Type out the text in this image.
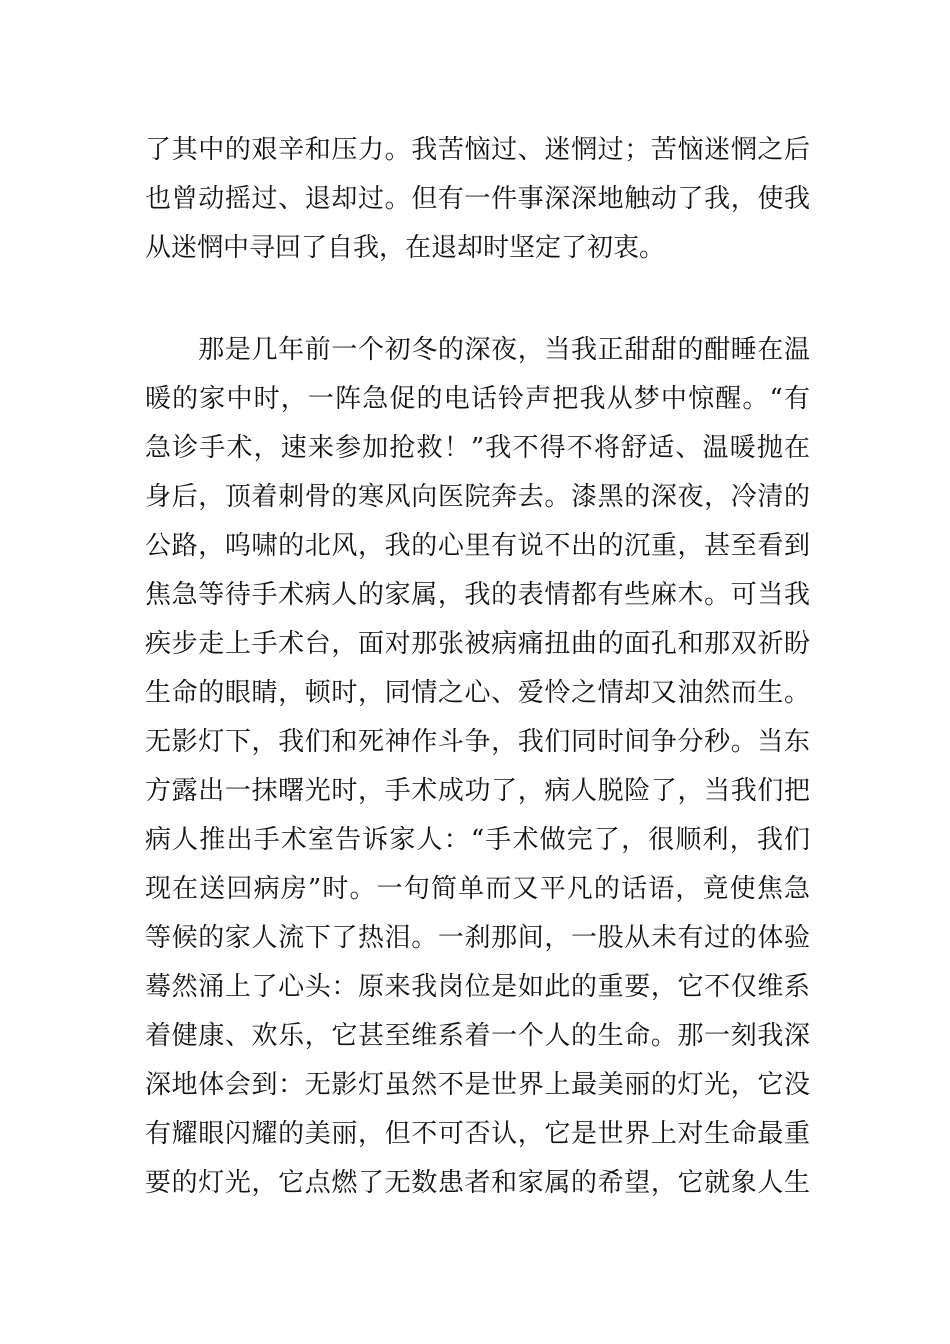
了其中的艰辛和压力。我苦恼过、迷惘过；苦恼迷惘之后
也曾动摇过、退却过。但有一件事深深地触动了我，使我
从迷惘中寻回了自我，在退却时坚定了初衷。
　　那是几年前一个初冬的深夜，当我正甜甜的酣睡在温
暖的家中时，一阵急促的电话铃声把我从梦中惊醒。“有
急诊手术，速来参加抢救！”我不得不将舒适、温暖抛在
身后，顶着刺骨的寒风向医院奔去。漆黑的深夜，冷清的
公路，呜啸的北风，我的心里有说不出的沉重，甚至看到
焦急等待手术病人的家属，我的表情都有些麻木。可当我
疾步走上手术台，面对那张被病痛扭曲的面孔和那双祈盼
生命的眼睛，顿时，同情之心、爱怜之情却又油然而生。
无影灯下，我们和死神作斗争，我们同时间争分秒。当东
方露出一抹曙光时，手术成功了，病人脱险了，当我们把
病人推出手术室告诉家人：“手术做完了，很顺利，我们
现在送回病房”时。一句简单而又平凡的话语，竟使焦急
等候的家人流下了热泪。一刹那间，一股从未有过的体验
蓦然涌上了心头：原来我岗位是如此的重要，它不仅维系
着健康、欢乐，它甚至维系着一个人的生命。那一刻我深
深地体会到：无影灯虽然不是世界上最美丽的灯光，它没
有耀眼闪耀的美丽，但不可否认，它是世界上对生命最重
要的灯光，它点燃了无数患者和家属的希望，它就象人生
